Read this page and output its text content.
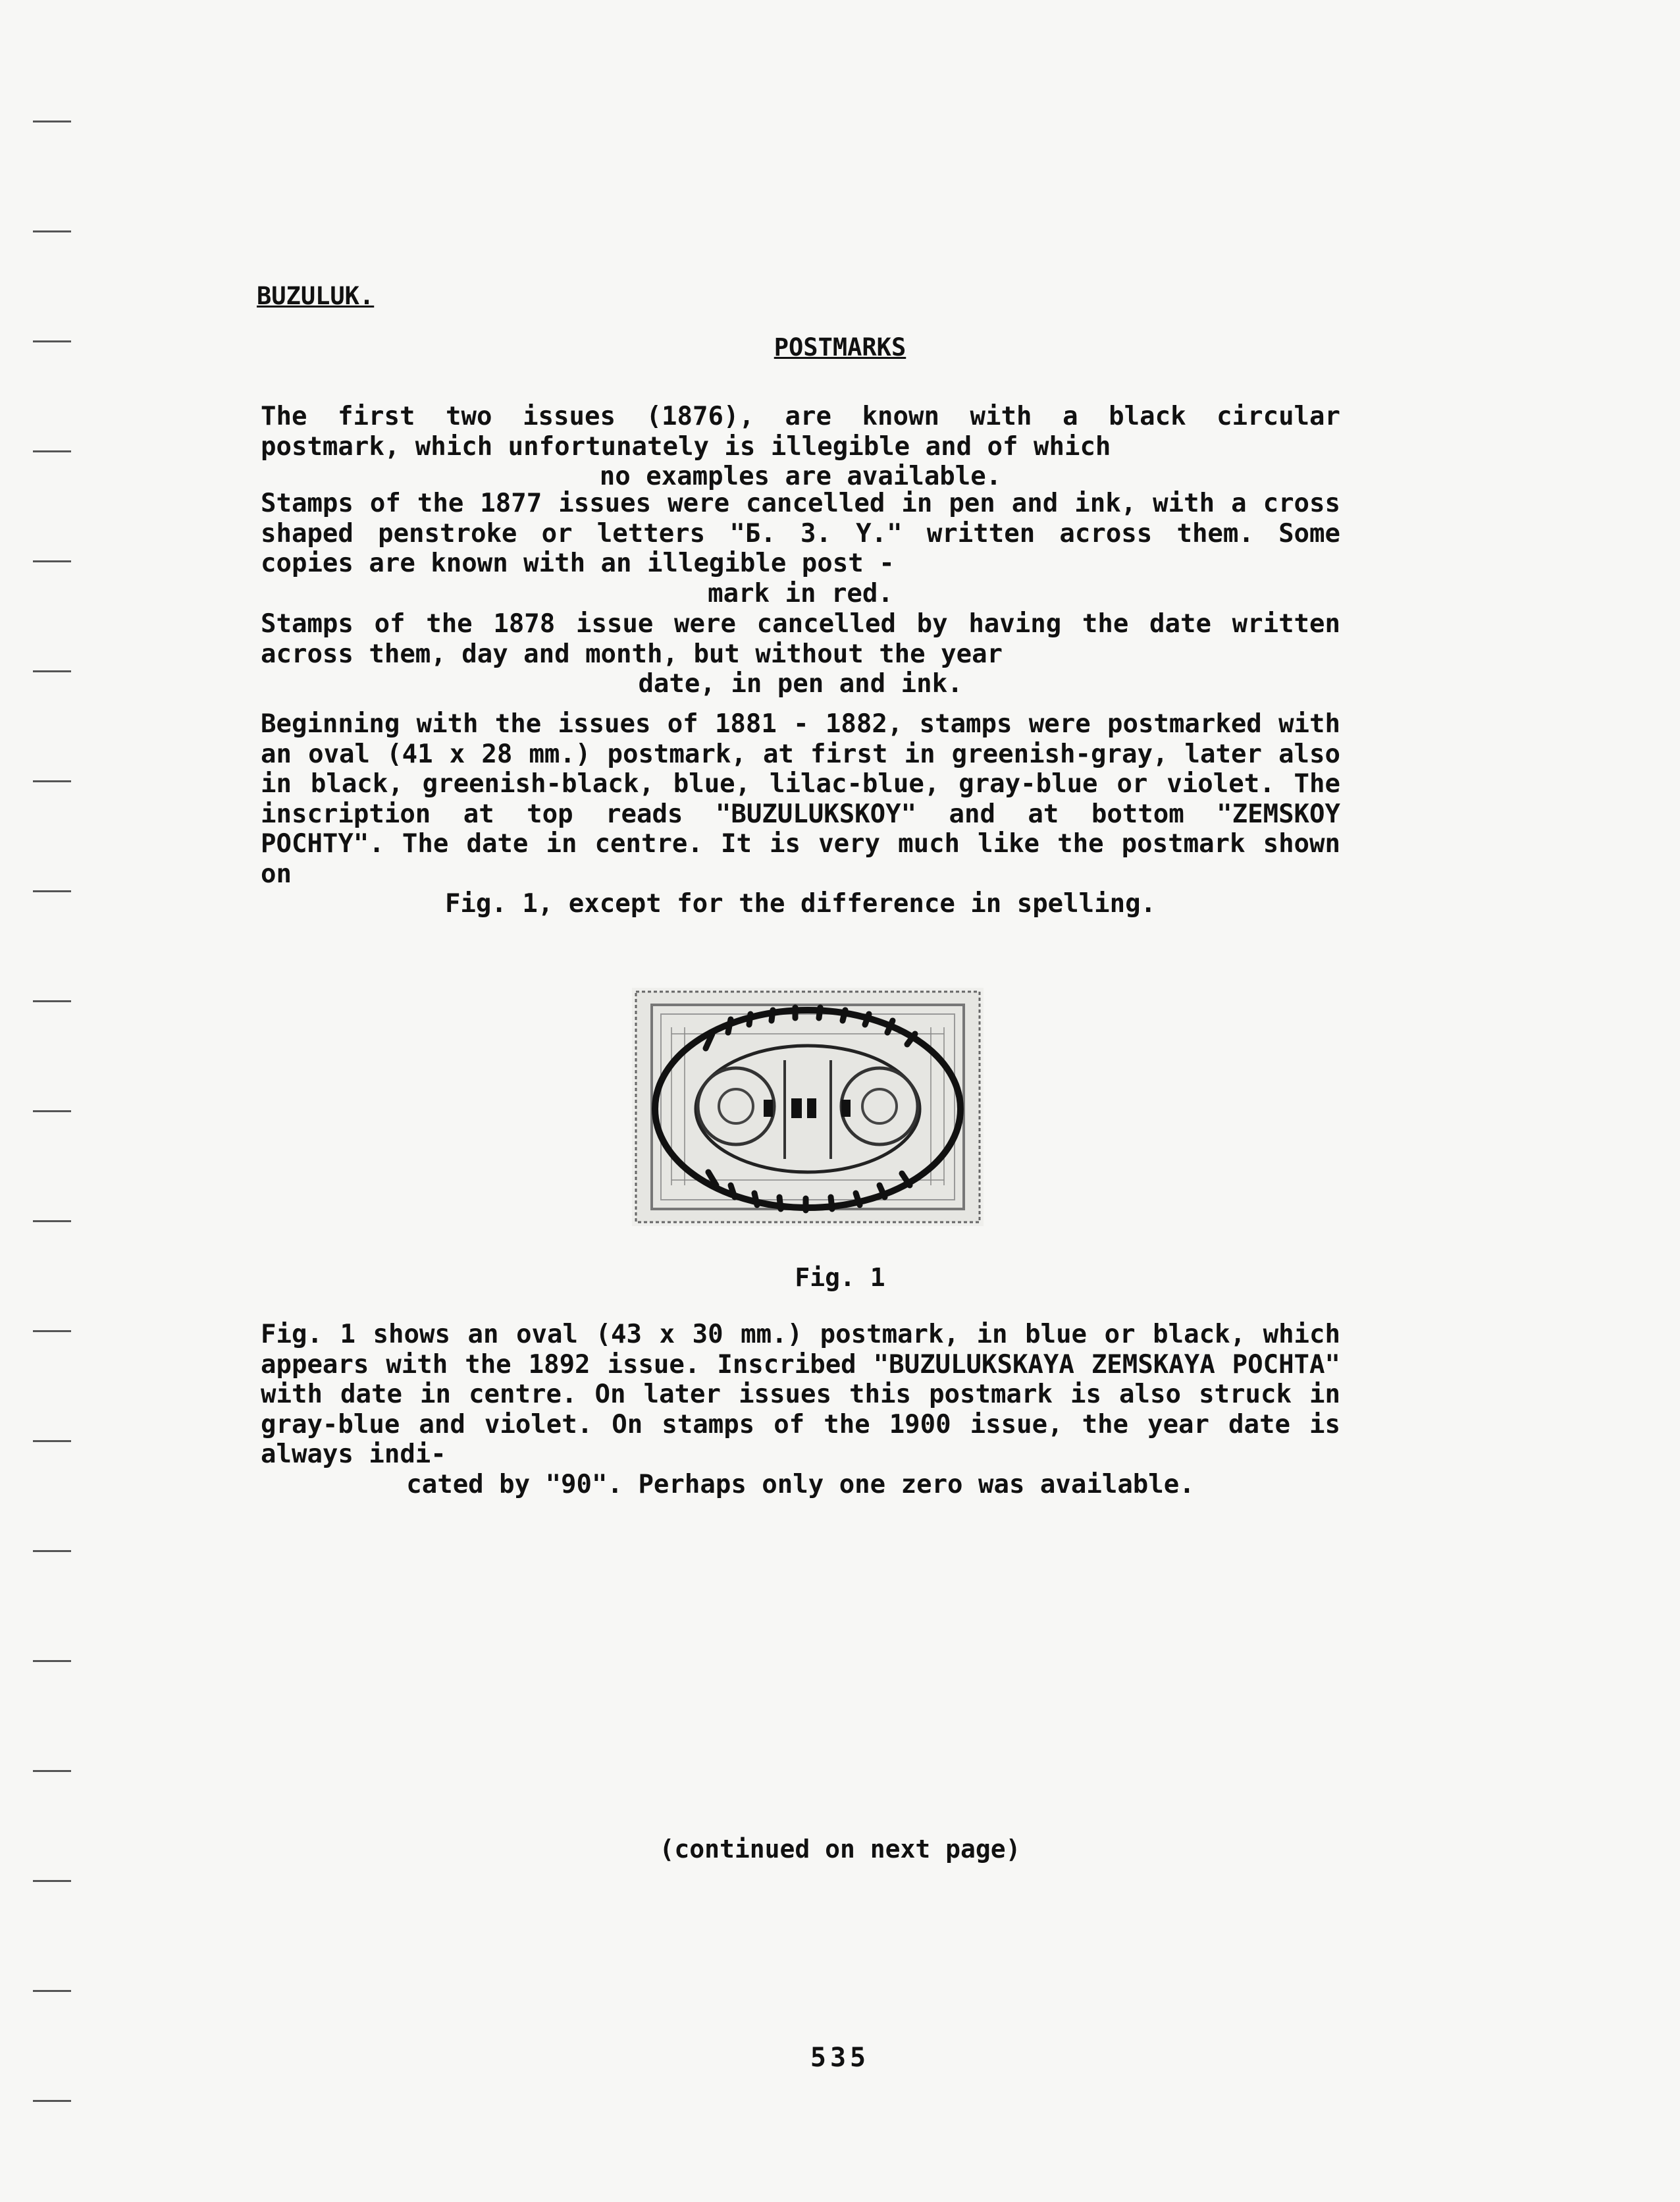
BUZULUK.
POSTMARKS
The first two issues (1876), are known with a black circular postmark, which unfortunately is illegible and of which
no examples are available.
Stamps of the 1877 issues were cancelled in pen and ink, with a cross shaped penstroke or letters "Б. 3. Y." written across them. Some copies are known with an illegible post -
mark in red.
Stamps of the 1878 issue were cancelled by having the date written across them, day and month, but without the year
date, in pen and ink.
Beginning with the issues of 1881 - 1882, stamps were postmarked with an oval (41 x 28 mm.) postmark, at first in greenish-gray, later also in black, greenish-black, blue, lilac-blue, gray-blue or violet. The inscription at top reads "BUZULUKSKOY" and at bottom "ZEMSKOY POCHTY". The date in centre. It is very much like the postmark shown on
Fig. 1, except for the difference in spelling.
Fig. 1
Fig. 1 shows an oval (43 x 30 mm.) postmark, in blue or black, which appears with the 1892 issue. Inscribed "BUZULUKSKAYA ZEMSKAYA POCHTA" with date in centre. On later issues this postmark is also struck in gray-blue and violet. On stamps of the 1900 issue, the year date is always indi-
cated by "90". Perhaps only one zero was available.
(continued on next page)
535
